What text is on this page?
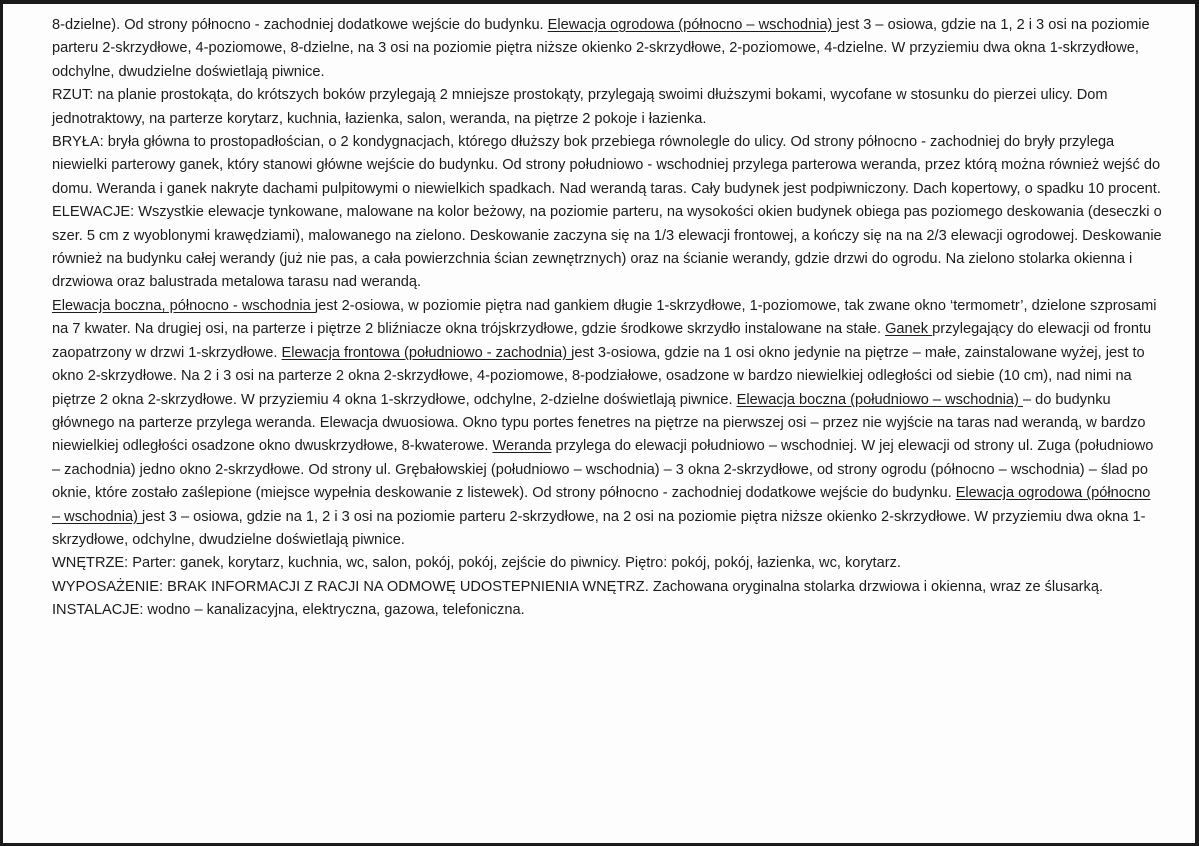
8-dzielne). Od strony północno - zachodniej dodatkowe wejście do budynku. Elewacja ogrodowa (północno – wschodnia) jest 3 – osiowa, gdzie na 1, 2 i 3 osi na poziomie parteru 2-skrzydłowe, 4-poziomowe, 8-dzielne, na 3 osi na poziomie piętra niższe okienko 2-skrzydłowe, 2-poziomowe, 4-dzielne. W przyziemiu dwa okna 1-skrzydłowe, odchylne, dwudzielne doświetlają piwnice.

RZUT: na planie prostokąta, do krótszych boków przylegają 2 mniejsze prostokąty, przylegają swoimi dłuższymi bokami, wycofane w stosunku do pierzei ulicy. Dom jednotraktowy, na parterze korytarz, kuchnia, łazienka, salon, weranda, na piętrze 2 pokoje i łazienka.

BRYŁA: bryła główna to prostopadłościan, o 2 kondygnacjach, którego dłuższy bok przebiega równolegle do ulicy. Od strony północno - zachodniej do bryły przylega niewielki parterowy ganek, który stanowi główne wejście do budynku. Od strony południowo - wschodniej przylega parterowa weranda, przez którą można również wejść do domu. Weranda i ganek nakryte dachami pulpitowymi o niewielkich spadkach. Nad werandą taras. Cały budynek jest podpiwniczony. Dach kopertowy, o spadku 10 procent.

ELEWACJE: Wszystkie elewacje tynkowane, malowane na kolor beżowy, na poziomie parteru, na wysokości okien budynek obiega pas poziomego deskowania (deseczki o szer. 5 cm z wyoblonymi krawędziami), malowanego na zielono. Deskowanie zaczyna się na 1/3 elewacji frontowej, a kończy się na na 2/3 elewacji ogrodowej. Deskowanie również na budynku całej werandy (już nie pas, a cała powierzchnia ścian zewnętrznych) oraz na ścianie werandy, gdzie drzwi do ogrodu. Na zielono stolarka okienna i drzwiowa oraz balustrada metalowa tarasu nad werandą.

Elewacja boczna, północno - wschodnia jest 2-osiowa, w poziomie piętra nad gankiem długie 1-skrzydłowe, 1-poziomowe, tak zwane okno ‘termometr’, dzielone szprosami na 7 kwater. Na drugiej osi, na parterze i piętrze 2 bliźniacze okna trójskrzydłowe, gdzie środkowe skrzydło instalowane na stałe. Ganek przylegający do elewacji od frontu zaopatrzony w drzwi 1-skrzydłowe. Elewacja frontowa (południowo - zachodnia) jest 3-osiowa, gdzie na 1 osi okno jedynie na piętrze – małe, zainstalowane wyżej, jest to okno 2-skrzydłowe. Na 2 i 3 osi na parterze 2 okna 2-skrzydłowe, 4-poziomowe, 8-podziałowe, osadzone w bardzo niewielkiej odległości od siebie (10 cm), nad nimi na piętrze 2 okna 2-skrzydłowe. W przyziemiu 4 okna 1-skrzydłowe, odchylne, 2-dzielne doświetlają piwnice. Elewacja boczna (południowo – wschodnia) – do budynku głównego na parterze przylega weranda. Elewacja dwuosiowa. Okno typu portes fenetres na piętrze na pierwszej osi – przez nie wyjście na taras nad werandą, w bardzo niewielkiej odległości osadzone okno dwuskrzydłowe, 8-kwaterowe. Weranda przylega do elewacji południowo – wschodniej. W jej elewacji od strony ul. Zuga (południowo – zachodnia) jedno okno 2-skrzydłowe. Od strony ul. Grębałowskiej (południowo – wschodnia) – 3 okna 2-skrzydłowe, od strony ogrodu (północno – wschodnia) – ślad po oknie, które zostało zaślepione (miejsce wypełnia deskowanie z listewek). Od strony północno - zachodniej dodatkowe wejście do budynku. Elewacja ogrodowa (północno – wschodnia) jest 3 – osiowa, gdzie na 1, 2 i 3 osi na poziomie parteru 2-skrzydłowe, na 2 osi na poziomie piętra niższe okienko 2-skrzydłowe. W przyziemiu dwa okna 1-skrzydłowe, odchylne, dwudzielne doświetlają piwnice.

WNĘTRZE: Parter: ganek, korytarz, kuchnia, wc, salon, pokój, pokój, zejście do piwnicy. Piętro: pokój, pokój, łazienka, wc, korytarz.

WYPOSAŻENIE: BRAK INFORMACJI Z RACJI NA ODMOWĘ UDOSTEPNIENIA WNĘTRZ. Zachowana oryginalna stolarka drzwiowa i okienna, wraz ze ślusarką.

INSTALACJE: wodno – kanalizacyjna, elektryczna, gazowa, telefoniczna.
